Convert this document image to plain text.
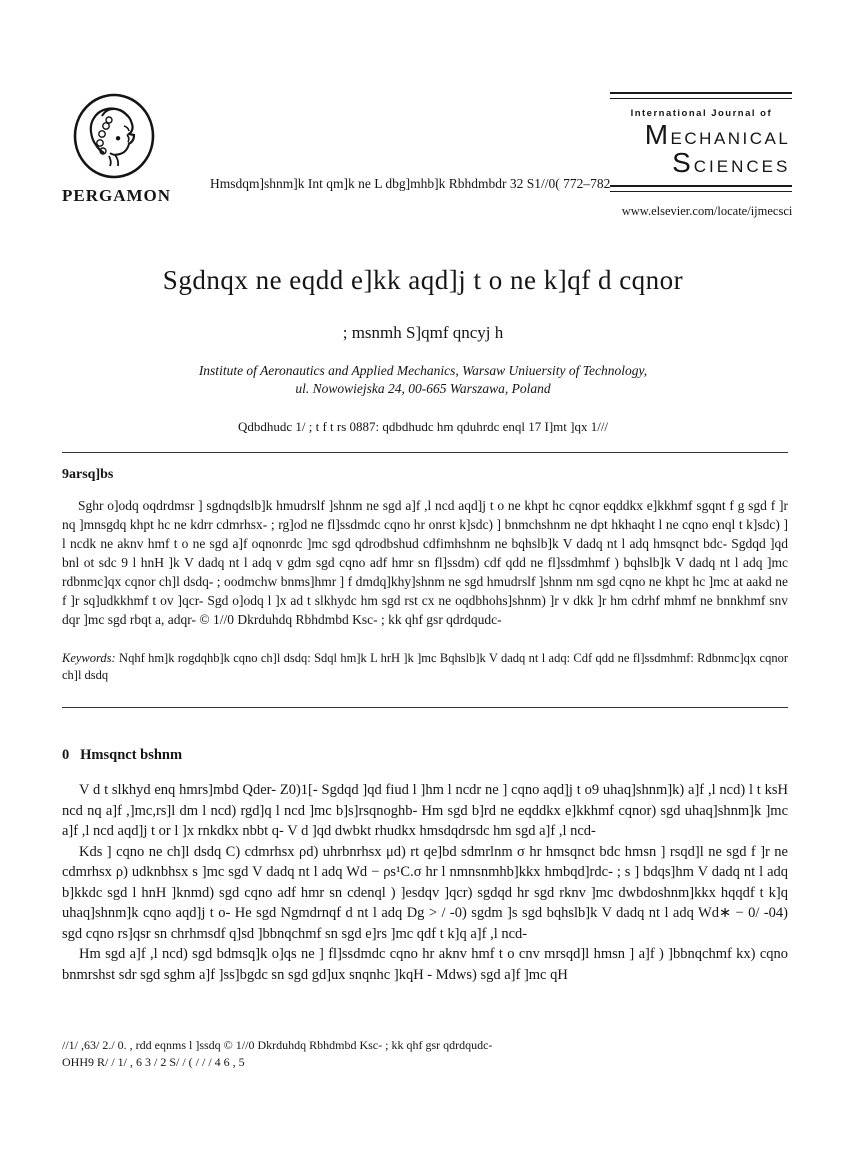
PERGAMON
Hmsdqm]shnm]k Int qm]k ne L dbg]mhb]k Rbhdmbdr 32 S1//0( 772–782
International Journal of
MECHANICAL
SCIENCES
www.elsevier.com/locate/ijmecsci
Sgdnqx ne eqdd e]kk aqd]j t o ne k]qf d cqnor
; msnmh S]qmf qncyj h
Institute of Aeronautics and Applied Mechanics, Warsaw Uniuersity of Technology,
ul. Nowowiejska 24, 00-665 Warszawa, Poland
Qdbdhudc 1/ ; t f t rs 0887: qdbdhudc hm qduhrdc enql 17 I]mt ]qx 1///
9arsq]bs
Sghr o]odq oqdrdmsr ] sgdnqdslb]k hmudrslf ]shnm ne sgd a]f ,l ncd aqd]j t o ne khpt hc cqnor eqddkx e]kkhmf sgqnt f g sgd f ]r nq ]mnsgdq khpt hc ne kdrr cdmrhsx- ; rg]od ne fl]ssdmdc cqno hr onrst k]sdc) ] bnmchshnm ne dpt hkhaqht l ne cqno enql t k]sdc) ] l ncdk ne aknv hmf t o ne sgd a]f oqnonrdc ]mc sgd qdrodbshud cdfimhshnm ne bqhslb]k V dadq nt l adq hmsqnct bdc- Sgdqd ]qd bnl ot sdc 9 l hnH ]k V dadq nt l adq v gdm sgd cqno adf hmr sn fl]ssdm) cdf qdd ne fl]ssdmhmf ) bqhslb]k V dadq nt l adq ]mc rdbnmc]qx cqnor ch]l dsdq- ; oodmchw bnms]hmr ] f dmdq]khy]shnm ne sgd hmudrslf ]shnm nm sgd cqno ne khpt hc ]mc at aakd ne f ]r sq]udkkhmf t ov ]qcr- Sgd o]odq l ]x ad t slkhydc hm sgd rst cx ne oqdbhohs]shnm) ]r v dkk ]r hm cdrhf mhmf ne bnnkhmf snv dqr ]mc sgd rbqt a, adqr- © 1//0 Dkrduhdq Rbhdmbd Ksc- ; kk qhf gsr qdrdqudc-
Keywords: Nqhf hm]k rogdqhb]k cqno ch]l dsdq: Sdql hm]k L hrH ]k ]mc Bqhslb]k V dadq nt l adq: Cdf qdd ne fl]ssdmhmf: Rdbnmc]qx cqnor ch]l dsdq
0 Hmsqnct bshnm
V d t slkhyd enq hmrs]mbd Qder- Z0)1[- Sgdqd ]qd fiud l ]hm l ncdr ne ] cqno aqd]j t o9 uhaq]shnm]k) a]f ,l ncd) l t ksH ncd nq a]f ,]mc,rs]l dm l ncd) rgd]q l ncd ]mc b]s]rsqnoghb- Hm sgd b]rd ne eqddkx e]kkhmf cqnor) sgd uhaq]shnm]k ]mc a]f ,l ncd aqd]j t or l ]x rnkdkx nbbt q- V d ]qd dwbkt rhudkx hmsdqdrsdc hm sgd a]f ,l ncd-
Kds ] cqno ne ch]l dsdq C) cdmrhsx ρd) uhrbnrhsx μd) rt qe]bd sdmrlnm σ hr hmsqnct bdc hmsn ] rsqd]l ne sgd f ]r ne cdmrhsx ρ) udknbhsx s ]mc sgd V dadq nt l adq Wd − ρs¹C.σ hr l nmnsnmhb]kkx hmbqd]rdc- ; s ] bdqs]hm V dadq nt l adq b]kkdc sgd l hnH ]knmd) sgd cqno adf hmr sn cdenql ) ]esdqv ]qcr) sgdqd hr sgd rknv ]mc dwbdoshnm]kkx hqqdf t k]q uhaq]shnm]k cqno aqd]j t o- He sgd Ngmdrnqf d nt l adq Dg > / -0) sgdm ]s sgd bqhslb]k V dadq nt l adq Wd∗ − 0/ -04) sgd cqno rs]qsr sn chrhmsdf q]sd ]bbnqchmf sn sgd e]rs ]mc qdf t k]q a]f ,l ncd-
Hm sgd a]f ,l ncd) sgd bdmsq]k o]qs ne ] fl]ssdmdc cqno hr aknv hmf t o cnv mrsqd]l hmsn ] a]f ) ]bbnqchmf kx) cqno bnmrshst sdr sgd sghm a]f ]ss]bgdc sn sgd gd]ux snqnhc ]kqH - Mdws) sgd a]f ]mc qH
//1/ ,63/ 2./ 0. , rdd eqnms l ]ssdq © 1//0 Dkrduhdq Rbhdmbd Ksc- ; kk qhf gsr qdrdqudc-
OHH9 R/ / 1/ , 6 3 / 2 S/ / ( / / / 4 6 , 5
